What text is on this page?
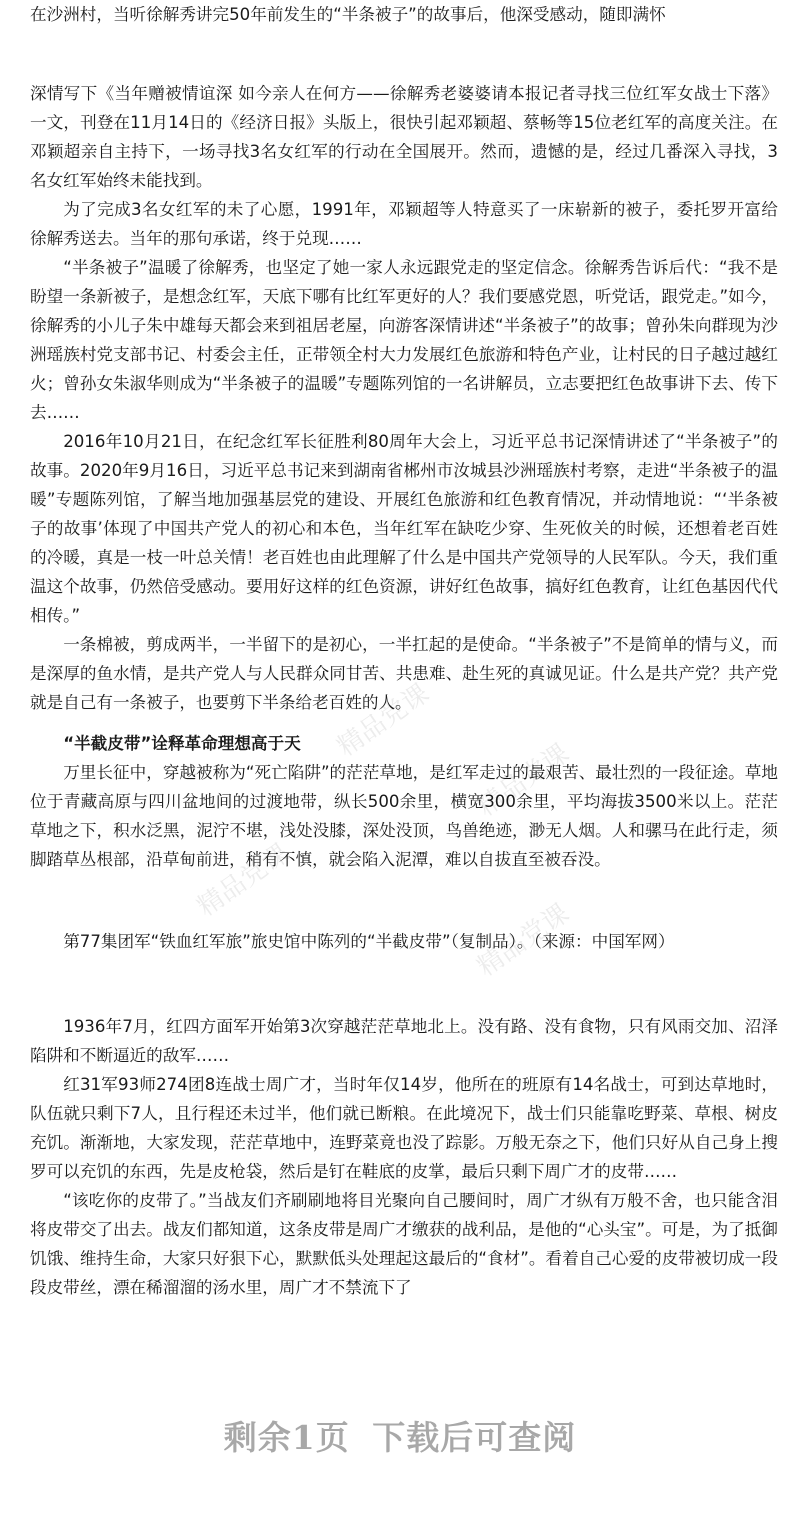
精品党课
精品党课
精品党课
精品党课

在沙洲村，当听徐解秀讲完50年前发生的“半条被子”的故事后，他深受感动，随即满怀

深情写下《当年赠被情谊深 如今亲人在何方——徐解秀老婆婆请本报记者寻找三位红军女战士下落》一文，刊登在11月14日的《经济日报》头版上，很快引起邓颖超、蔡畅等15位老红军的高度关注。在邓颖超亲自主持下，一场寻找3名女红军的行动在全国展开。然而，遗憾的是，经过几番深入寻找，3名女红军始终未能找到。

为了完成3名女红军的未了心愿，1991年，邓颖超等人特意买了一床崭新的被子，委托罗开富给徐解秀送去。当年的那句承诺，终于兑现……

“半条被子”温暖了徐解秀，也坚定了她一家人永远跟党走的坚定信念。徐解秀告诉后代：“我不是盼望一条新被子，是想念红军，天底下哪有比红军更好的人？我们要感党恩，听党话，跟党走。”如今，徐解秀的小儿子朱中雄每天都会来到祖居老屋，向游客深情讲述“半条被子”的故事；曾孙朱向群现为沙洲瑶族村党支部书记、村委会主任，正带领全村大力发展红色旅游和特色产业，让村民的日子越过越红火；曾孙女朱淑华则成为“半条被子的温暖”专题陈列馆的一名讲解员，立志要把红色故事讲下去、传下去……

2016年10月21日，在纪念红军长征胜利80周年大会上，习近平总书记深情讲述了“半条被子”的故事。2020年9月16日，习近平总书记来到湖南省郴州市汝城县沙洲瑶族村考察，走进“半条被子的温暖”专题陈列馆，了解当地加强基层党的建设、开展红色旅游和红色教育情况，并动情地说：“‘半条被子的故事’体现了中国共产党人的初心和本色，当年红军在缺吃少穿、生死攸关的时候，还想着老百姓的冷暖，真是一枝一叶总关情！老百姓也由此理解了什么是中国共产党领导的人民军队。今天，我们重温这个故事，仍然倍受感动。要用好这样的红色资源，讲好红色故事，搞好红色教育，让红色基因代代相传。”

一条棉被，剪成两半，一半留下的是初心，一半扛起的是使命。“半条被子”不是简单的情与义，而是深厚的鱼水情，是共产党人与人民群众同甘苦、共患难、赴生死的真诚见证。什么是共产党？共产党就是自己有一条被子，也要剪下半条给老百姓的人。

“半截皮带”诠释革命理想高于天

万里长征中，穿越被称为“死亡陷阱”的茫茫草地，是红军走过的最艰苦、最壮烈的一段征途。草地位于青藏高原与四川盆地间的过渡地带，纵长500余里，横宽300余里，平均海拔3500米以上。茫茫草地之下，积水泛黑，泥泞不堪，浅处没膝，深处没顶，鸟兽绝迹，渺无人烟。人和骡马在此行走，须脚踏草丛根部，沿草甸前进，稍有不慎，就会陷入泥潭，难以自拔直至被吞没。

第77集团军“铁血红军旅”旅史馆中陈列的“半截皮带”（复制品）。（来源：中国军网）

1936年7月，红四方面军开始第3次穿越茫茫草地北上。没有路、没有食物，只有风雨交加、沼泽陷阱和不断逼近的敌军……

红31军93师274团8连战士周广才，当时年仅14岁，他所在的班原有14名战士，可到达草地时，队伍就只剩下7人，且行程还未过半，他们就已断粮。在此境况下，战士们只能靠吃野菜、草根、树皮充饥。渐渐地，大家发现，茫茫草地中，连野菜竟也没了踪影。万般无奈之下，他们只好从自己身上搜罗可以充饥的东西，先是皮枪袋，然后是钉在鞋底的皮掌，最后只剩下周广才的皮带……

“该吃你的皮带了。”当战友们齐刷刷地将目光聚向自己腰间时，周广才纵有万般不舍，也只能含泪将皮带交了出去。战友们都知道，这条皮带是周广才缴获的战利品，是他的“心头宝”。可是，为了抵御饥饿、维持生命，大家只好狠下心，默默低头处理起这最后的“食材”。看着自己心爱的皮带被切成一段段皮带丝，漂在稀溜溜的汤水里，周广才不禁流下了

剩余1页 下载后可查阅
